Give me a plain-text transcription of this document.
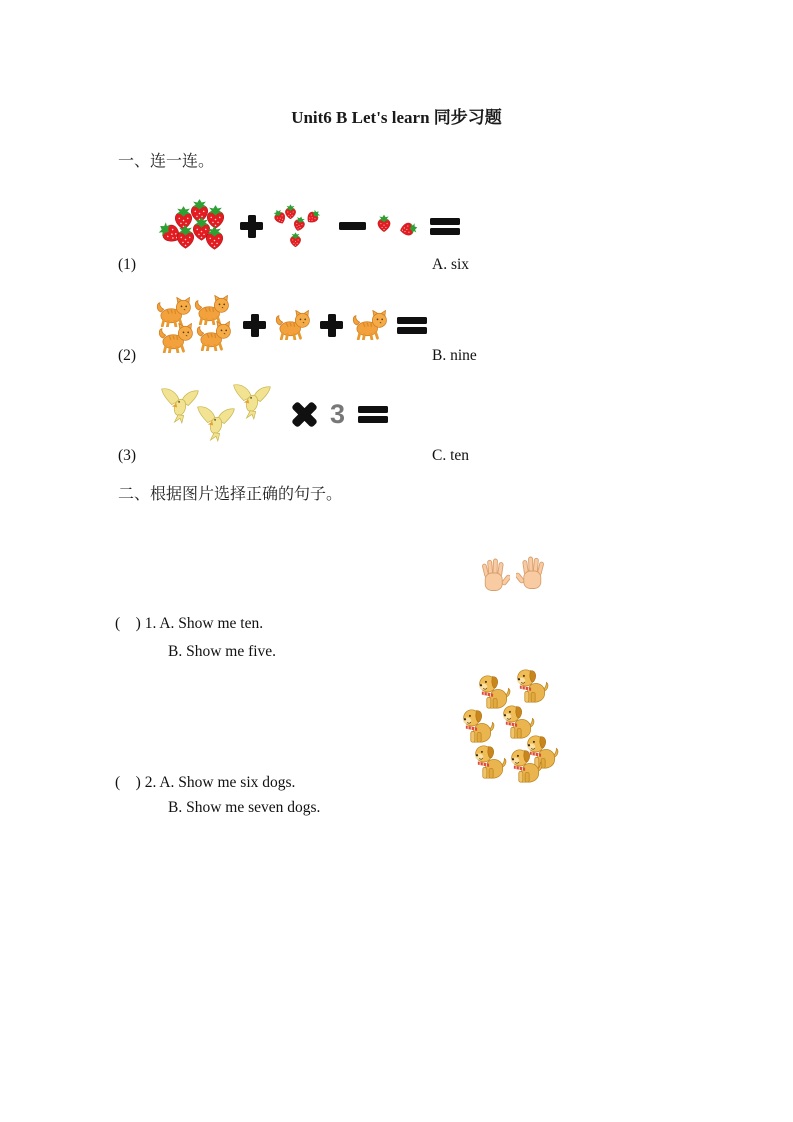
Unit6 B Let's learn 同步习题
一、连一连。
(1)	A. six
(2)	B. nine
3
(3)	C. ten
二、根据图片选择正确的句子。
(    ) 1. A. Show me ten.
B. Show me five.
(    ) 2. A. Show me six dogs.
B. Show me seven dogs.
